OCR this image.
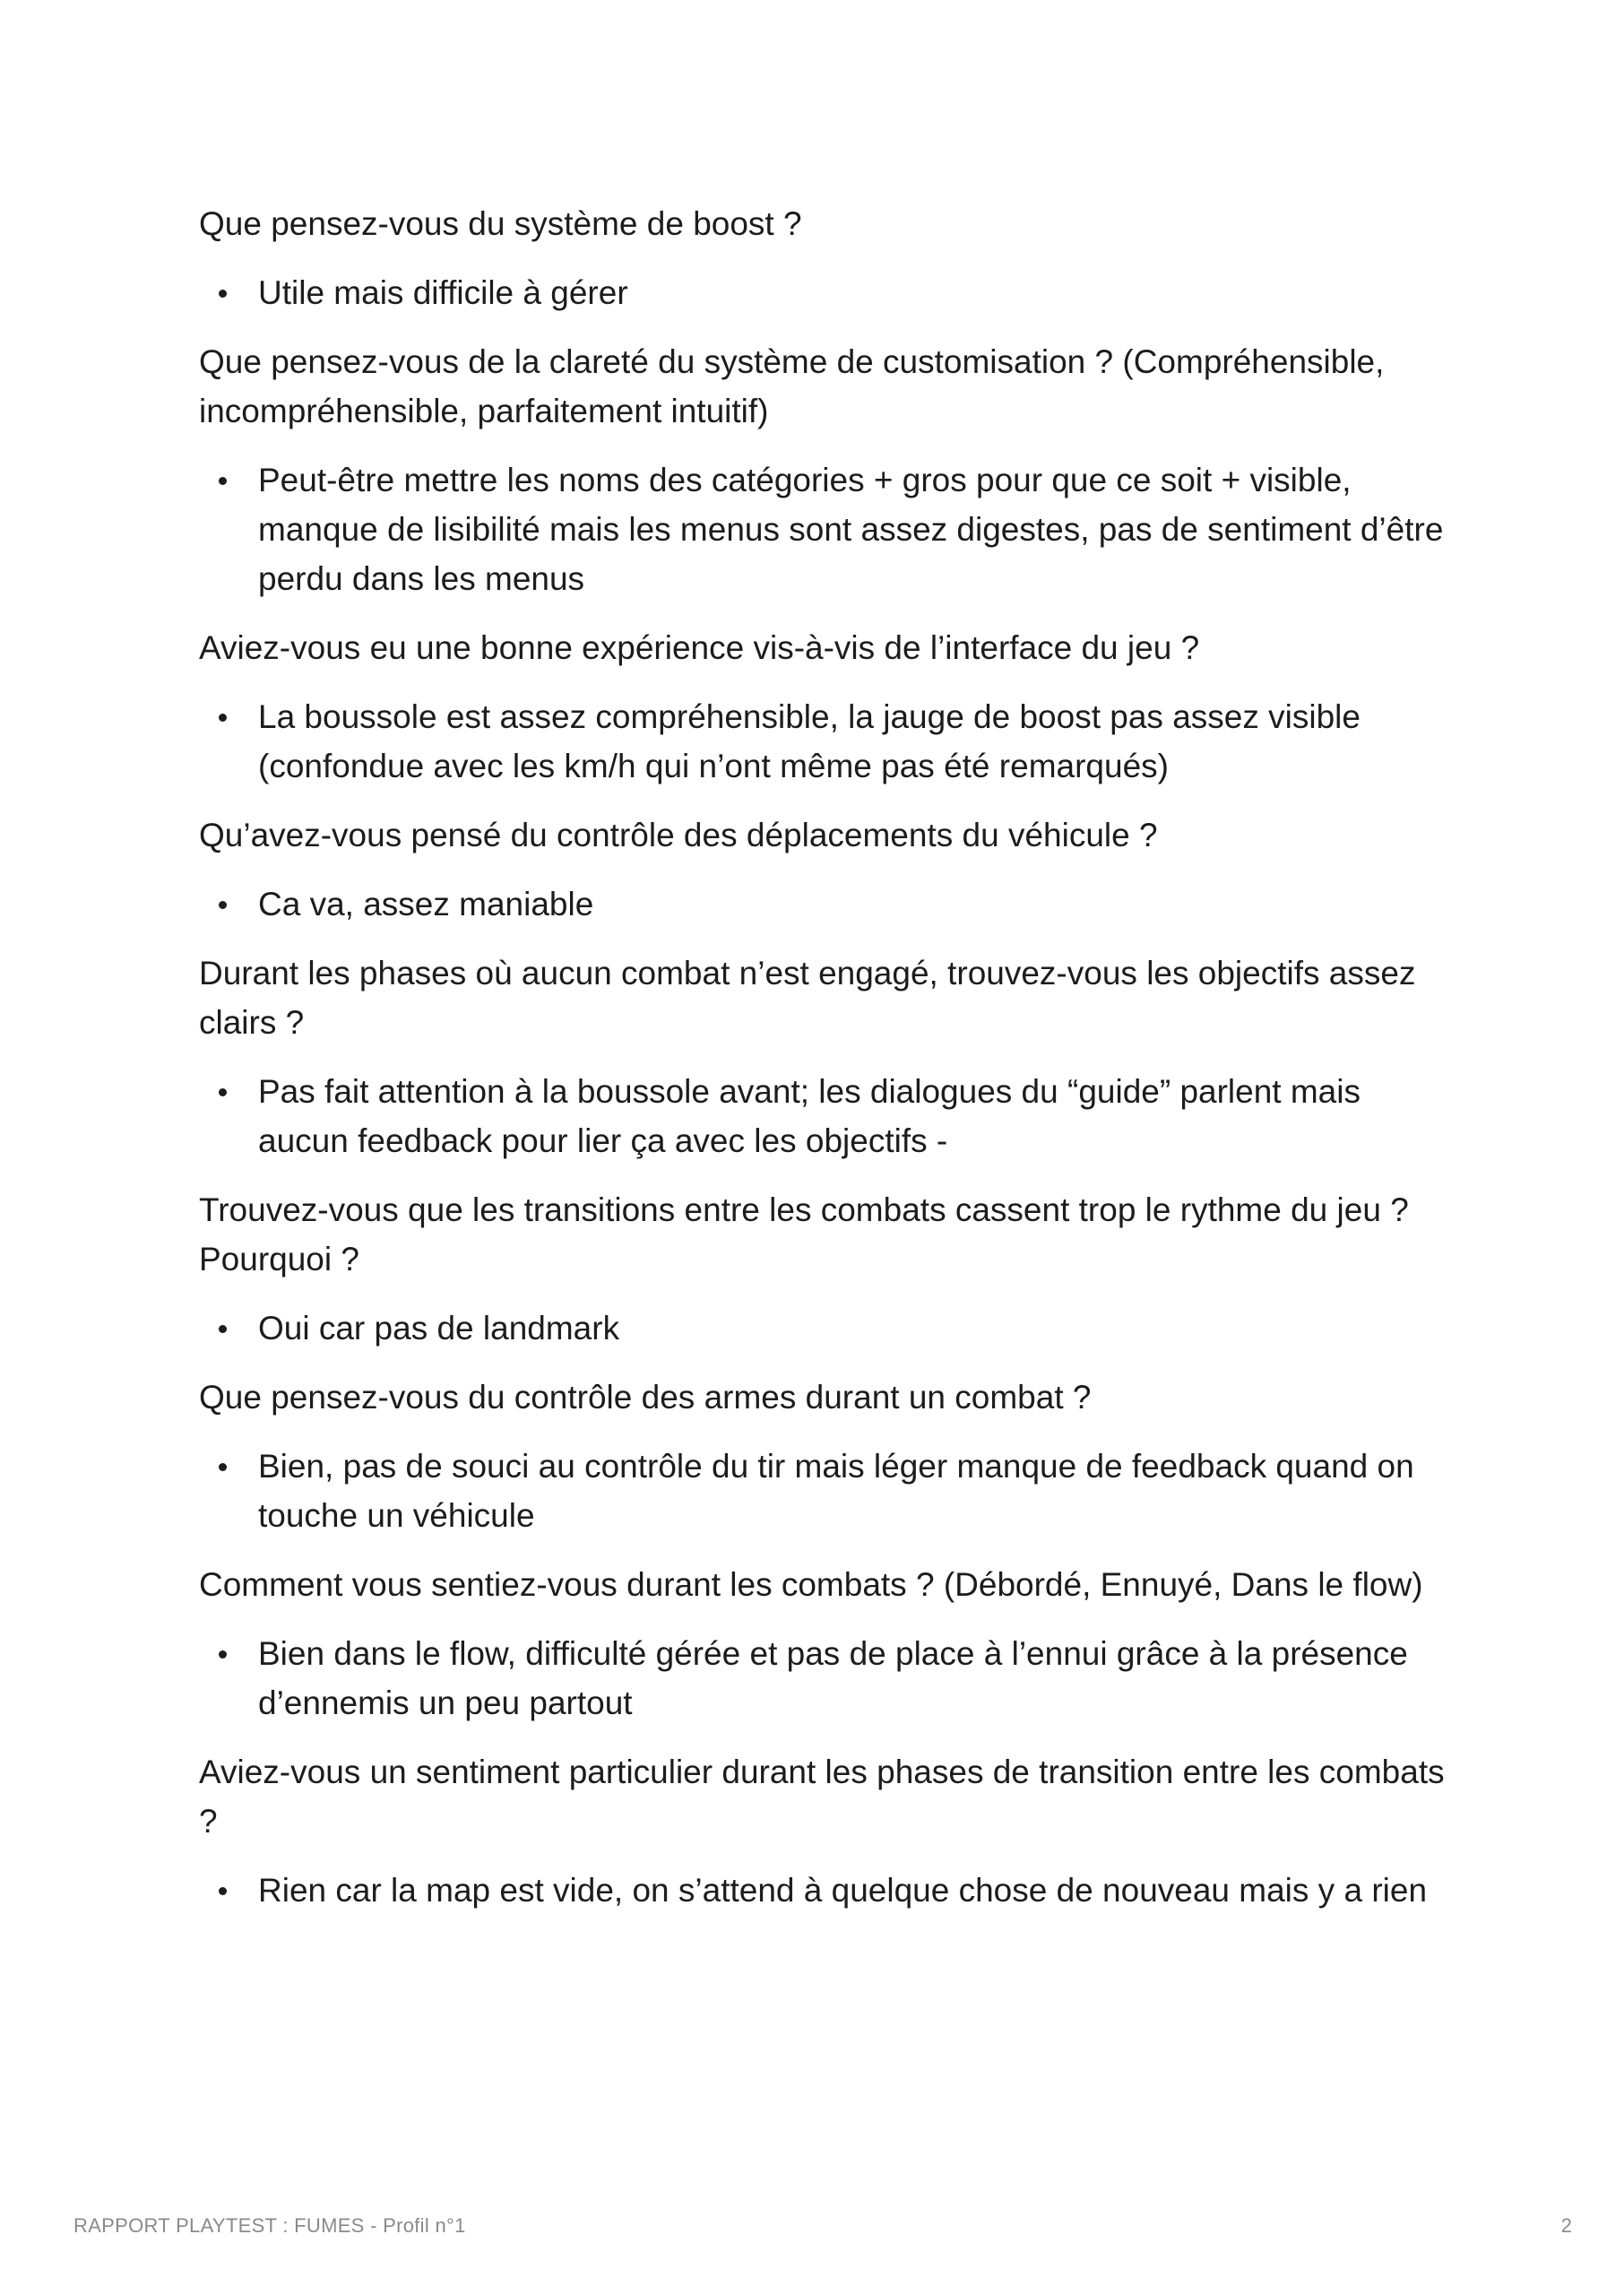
Que pensez-vous du système de boost ?

Utile mais difficile à gérer

Que pensez-vous de la clareté du système de customisation ? (Compréhensible, incompréhensible, parfaitement intuitif)

Peut-être mettre les noms des catégories + gros pour que ce soit + visible, manque de lisibilité mais les menus sont assez digestes, pas de sentiment d’être perdu dans les menus

Aviez-vous eu une bonne expérience vis-à-vis de l’interface du jeu ?

La boussole est assez compréhensible, la jauge de boost pas assez visible (confondue avec les km/h qui n’ont même pas été remarqués)

Qu’avez-vous pensé du contrôle des déplacements du véhicule ?

Ca va, assez maniable

Durant les phases où aucun combat n’est engagé, trouvez-vous les objectifs assez clairs ?

Pas fait attention à la boussole avant; les dialogues du “guide” parlent mais aucun feedback pour lier ça avec les objectifs -

Trouvez-vous que les transitions entre les combats cassent trop le rythme du jeu ? Pourquoi ?

Oui car pas de landmark

Que pensez-vous du contrôle des armes durant un combat ?

Bien, pas de souci au contrôle du tir mais léger manque de feedback quand on touche un véhicule

Comment vous sentiez-vous durant les combats ? (Débordé, Ennuyé, Dans le flow)

Bien dans le flow, difficulté gérée et pas de place à l’ennui grâce à la présence d’ennemis un peu partout

Aviez-vous un sentiment particulier durant les phases de transition entre les combats ?

Rien car la map est vide, on s’attend à quelque chose de nouveau mais y a rien
RAPPORT PLAYTEST : FUMES - Profil n°1	2
